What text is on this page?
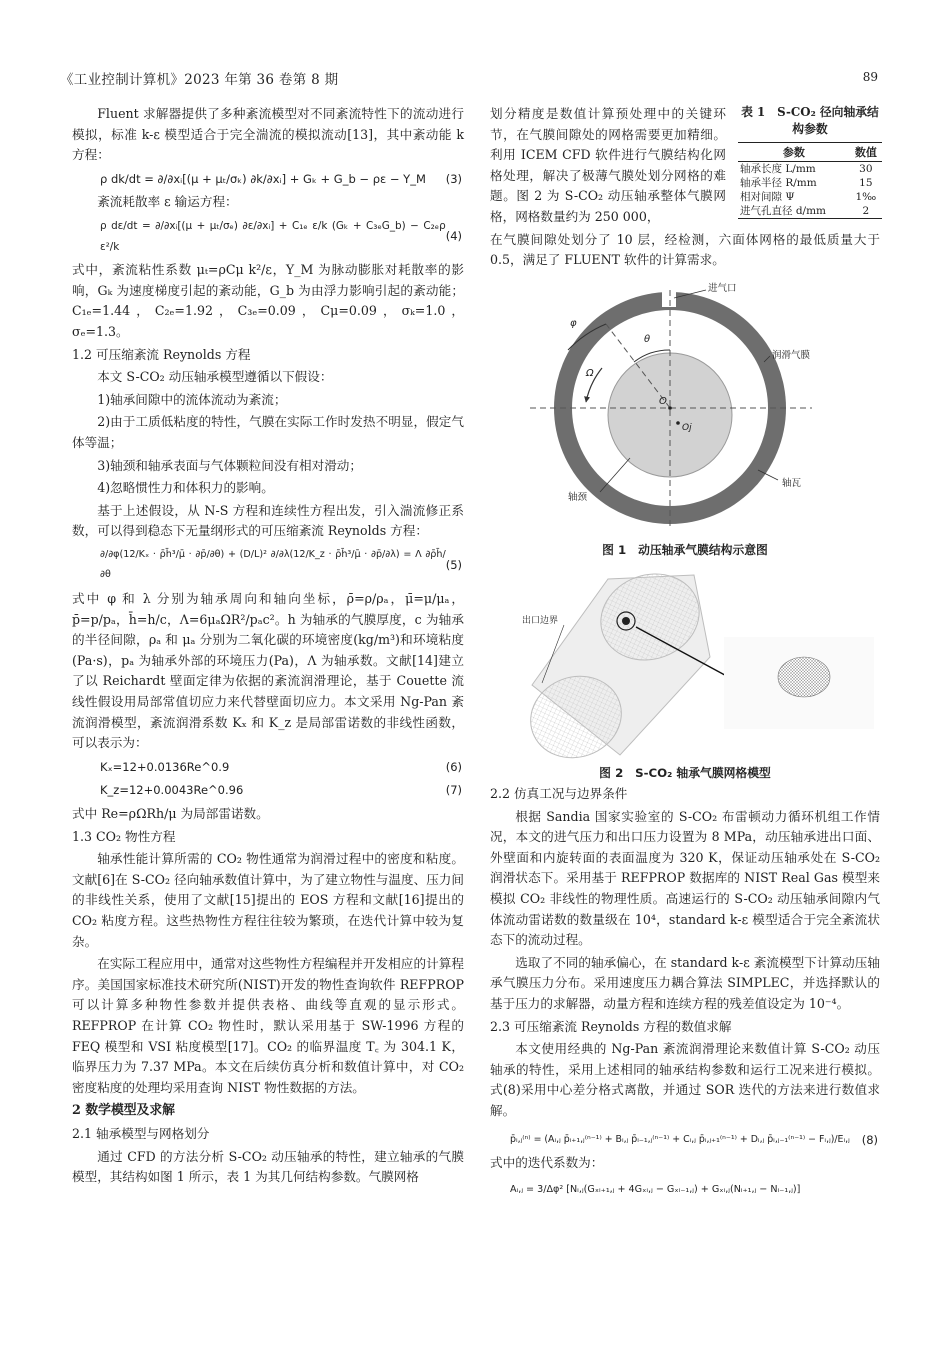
《工业控制计算机》2023 年第 36 卷第 8 期	89

Fluent 求解器提供了多种紊流模型对不同紊流特性下的流动进行模拟，标准 k-ε 模型适合于完全湍流的模拟流动[13]，其中紊动能 k 方程：

ρ dk/dt = ∂/∂xᵢ[(μ + μₜ/σₖ) ∂k/∂xᵢ] + Gₖ + G_b − ρε − Y_M (3)

紊流耗散率 ε 输运方程：

ρ dε/dt = ∂/∂xᵢ[(μ + μₜ/σₑ) ∂ε/∂xᵢ] + C₁ₑ ε/k (Gₖ + C₃ₑG_b) − C₂ₑρ ε²/k
(4)

式中，紊流粘性系数 μₜ=ρCμ k²/ε，Y_M 为脉动膨胀对耗散率的影响，Gₖ 为速度梯度引起的紊动能，G_b 为由浮力影响引起的紊动能；C₁ₑ=1.44，C₂ₑ=1.92，C₃ₑ=0.09，Cμ=0.09，σₖ=1.0，σₑ=1.3。

1.2 可压缩紊流 Reynolds 方程

本文 S-CO₂ 动压轴承模型遵循以下假设：

1)轴承间隙中的流体流动为紊流；

2)由于工质低粘度的特性，气膜在实际工作时发热不明显，假定气体等温；

3)轴颈和轴承表面与气体颗粒间没有相对滑动；

4)忽略惯性力和体积力的影响。

基于上述假设，从 N-S 方程和连续性方程出发，引入湍流修正系数，可以得到稳态下无量纲形式的可压缩紊流 Reynolds 方程：

∂/∂φ(12/Kₓ · ρ̄h̄³/μ̄ · ∂p̄/∂θ) + (D/L)² ∂/∂λ(12/K_z · ρ̄h̄³/μ̄ · ∂p̄/∂λ) = Λ ∂ρ̄h̄/∂θ
(5)

式中 φ 和 λ 分别为轴承周向和轴向坐标，ρ̄=ρ/ρₐ，μ̄=μ/μₐ，p̄=p/pₐ，h̄=h/c，Λ=6μₐΩR²/pₐc²。h 为轴承的气膜厚度，c 为轴承的半径间隙，ρₐ 和 μₐ 分别为二氧化碳的环境密度(kg/m³)和环境粘度(Pa·s)，pₐ 为轴承外部的环境压力(Pa)，Λ 为轴承数。文献[14]建立了以 Reichardt 壁面定律为依据的紊流润滑理论，基于 Couette 流线性假设用局部常值切应力来代替壁面切应力。本文采用 Ng-Pan 紊流润滑模型，紊流润滑系数 Kₓ 和 K_z 是局部雷诺数的非线性函数，可以表示为：

Kₓ=12+0.0136Re^0.9	(6)
K_z=12+0.0043Re^0.96	(7)

式中 Re=ρΩRh/μ 为局部雷诺数。

1.3 CO₂ 物性方程

轴承性能计算所需的 CO₂ 物性通常为润滑过程中的密度和粘度。文献[6]在 S-CO₂ 径向轴承数值计算中，为了建立物性与温度、压力间的非线性关系，使用了文献[15]提出的 EOS 方程和文献[16]提出的 CO₂ 粘度方程。这些热物性方程往往较为繁琐，在迭代计算中较为复杂。

在实际工程应用中，通常对这些物性方程编程并开发相应的计算程序。美国国家标准技术研究所(NIST)开发的物性查询软件 REFPROP 可以计算多种物性参数并提供表格、曲线等直观的显示形式。REFPROP 在计算 CO₂ 物性时，默认采用基于 SW-1996 方程的 FEQ 模型和 VSI 粘度模型[17]。CO₂ 的临界温度 T꜀ 为 304.1 K，临界压力为 7.37 MPa。本文在后续仿真分析和数值计算中，对 CO₂ 密度粘度的处理均采用查询 NIST 物性数据的方法。

2 数学模型及求解
2.1 轴承模型与网格划分

通过 CFD 的方法分析 S-CO₂ 动压轴承的特性，建立轴承的气膜模型，其结构如图 1 所示，表 1 为其几何结构参数。气膜网格

划分精度是数值计算预处理中的关键环节，在气膜间隙处的网格需要更加精细。利用 ICEM CFD 软件进行气膜结构化网格处理，解决了极薄气膜处划分网格的难题。图 2 为 S-CO₂ 动压轴承整体气膜网格，网格数量约为 250 000，

在气膜间隙处划分了 10 层，经检测，六面体网格的最低质量大于 0.5，满足了 FLUENT 软件的计算需求。

表 1　S-CO₂ 径向轴承结构参数
参数	数值
轴承长度 L/mm	30
轴承半径 R/mm	15
相对间隙 Ψ	1‰
进气孔直径 d/mm	2
进气口
润滑气膜
轴瓦
轴颈
φ
θ
Ω
O
Oj
图 1　动压轴承气膜结构示意图
出口边界
图 2　S-CO₂ 轴承气膜网格模型
2.2 仿真工况与边界条件

根据 Sandia 国家实验室的 S-CO₂ 布雷顿动力循环机组工作情况，本文的进气压力和出口压力设置为 8 MPa，动压轴承进出口面、外壁面和内旋转面的表面温度为 320 K，保证动压轴承处在 S-CO₂ 润滑状态下。采用基于 REFPROP 数据库的 NIST Real Gas 模型来模拟 CO₂ 非线性的物理性质。高速运行的 S-CO₂ 动压轴承间隙内气体流动雷诺数的数量级在 10⁴，standard k-ε 模型适合于完全紊流状态下的流动过程。

选取了不同的轴承偏心，在 standard k-ε 紊流模型下计算动压轴承气膜压力分布。采用速度压力耦合算法 SIMPLEC，并选择默认的基于压力的求解器，动量方程和连续方程的残差值设定为 10⁻⁴。

2.3 可压缩紊流 Reynolds 方程的数值求解

本文使用经典的 Ng-Pan 紊流润滑理论来数值计算 S-CO₂ 动压轴承的特性，采用上述相同的轴承结构参数和运行工况来进行模拟。式(8)采用中心差分格式离散，并通过 SOR 迭代的方法来进行数值求解。

p̄ᵢ,ⱼ⁽ⁿ⁾ = (Aᵢ,ⱼ p̄ᵢ₊₁,ⱼ⁽ⁿ⁻¹⁾ + Bᵢ,ⱼ p̄ᵢ₋₁,ⱼ⁽ⁿ⁻¹⁾ + Cᵢ,ⱼ p̄ᵢ,ⱼ₊₁⁽ⁿ⁻¹⁾ + Dᵢ,ⱼ p̄ᵢ,ⱼ₋₁⁽ⁿ⁻¹⁾ − Fᵢ,ⱼ)/Eᵢ,ⱼ (8)

式中的迭代系数为：

Aᵢ,ⱼ = 3/Δφ² [Nᵢ,ⱼ(Gₓᵢ₊₁,ⱼ + 4Gₓᵢ,ⱼ − Gₓᵢ₋₁,ⱼ) + Gₓᵢ,ⱼ(Nᵢ₊₁,ⱼ − Nᵢ₋₁,ⱼ)]
